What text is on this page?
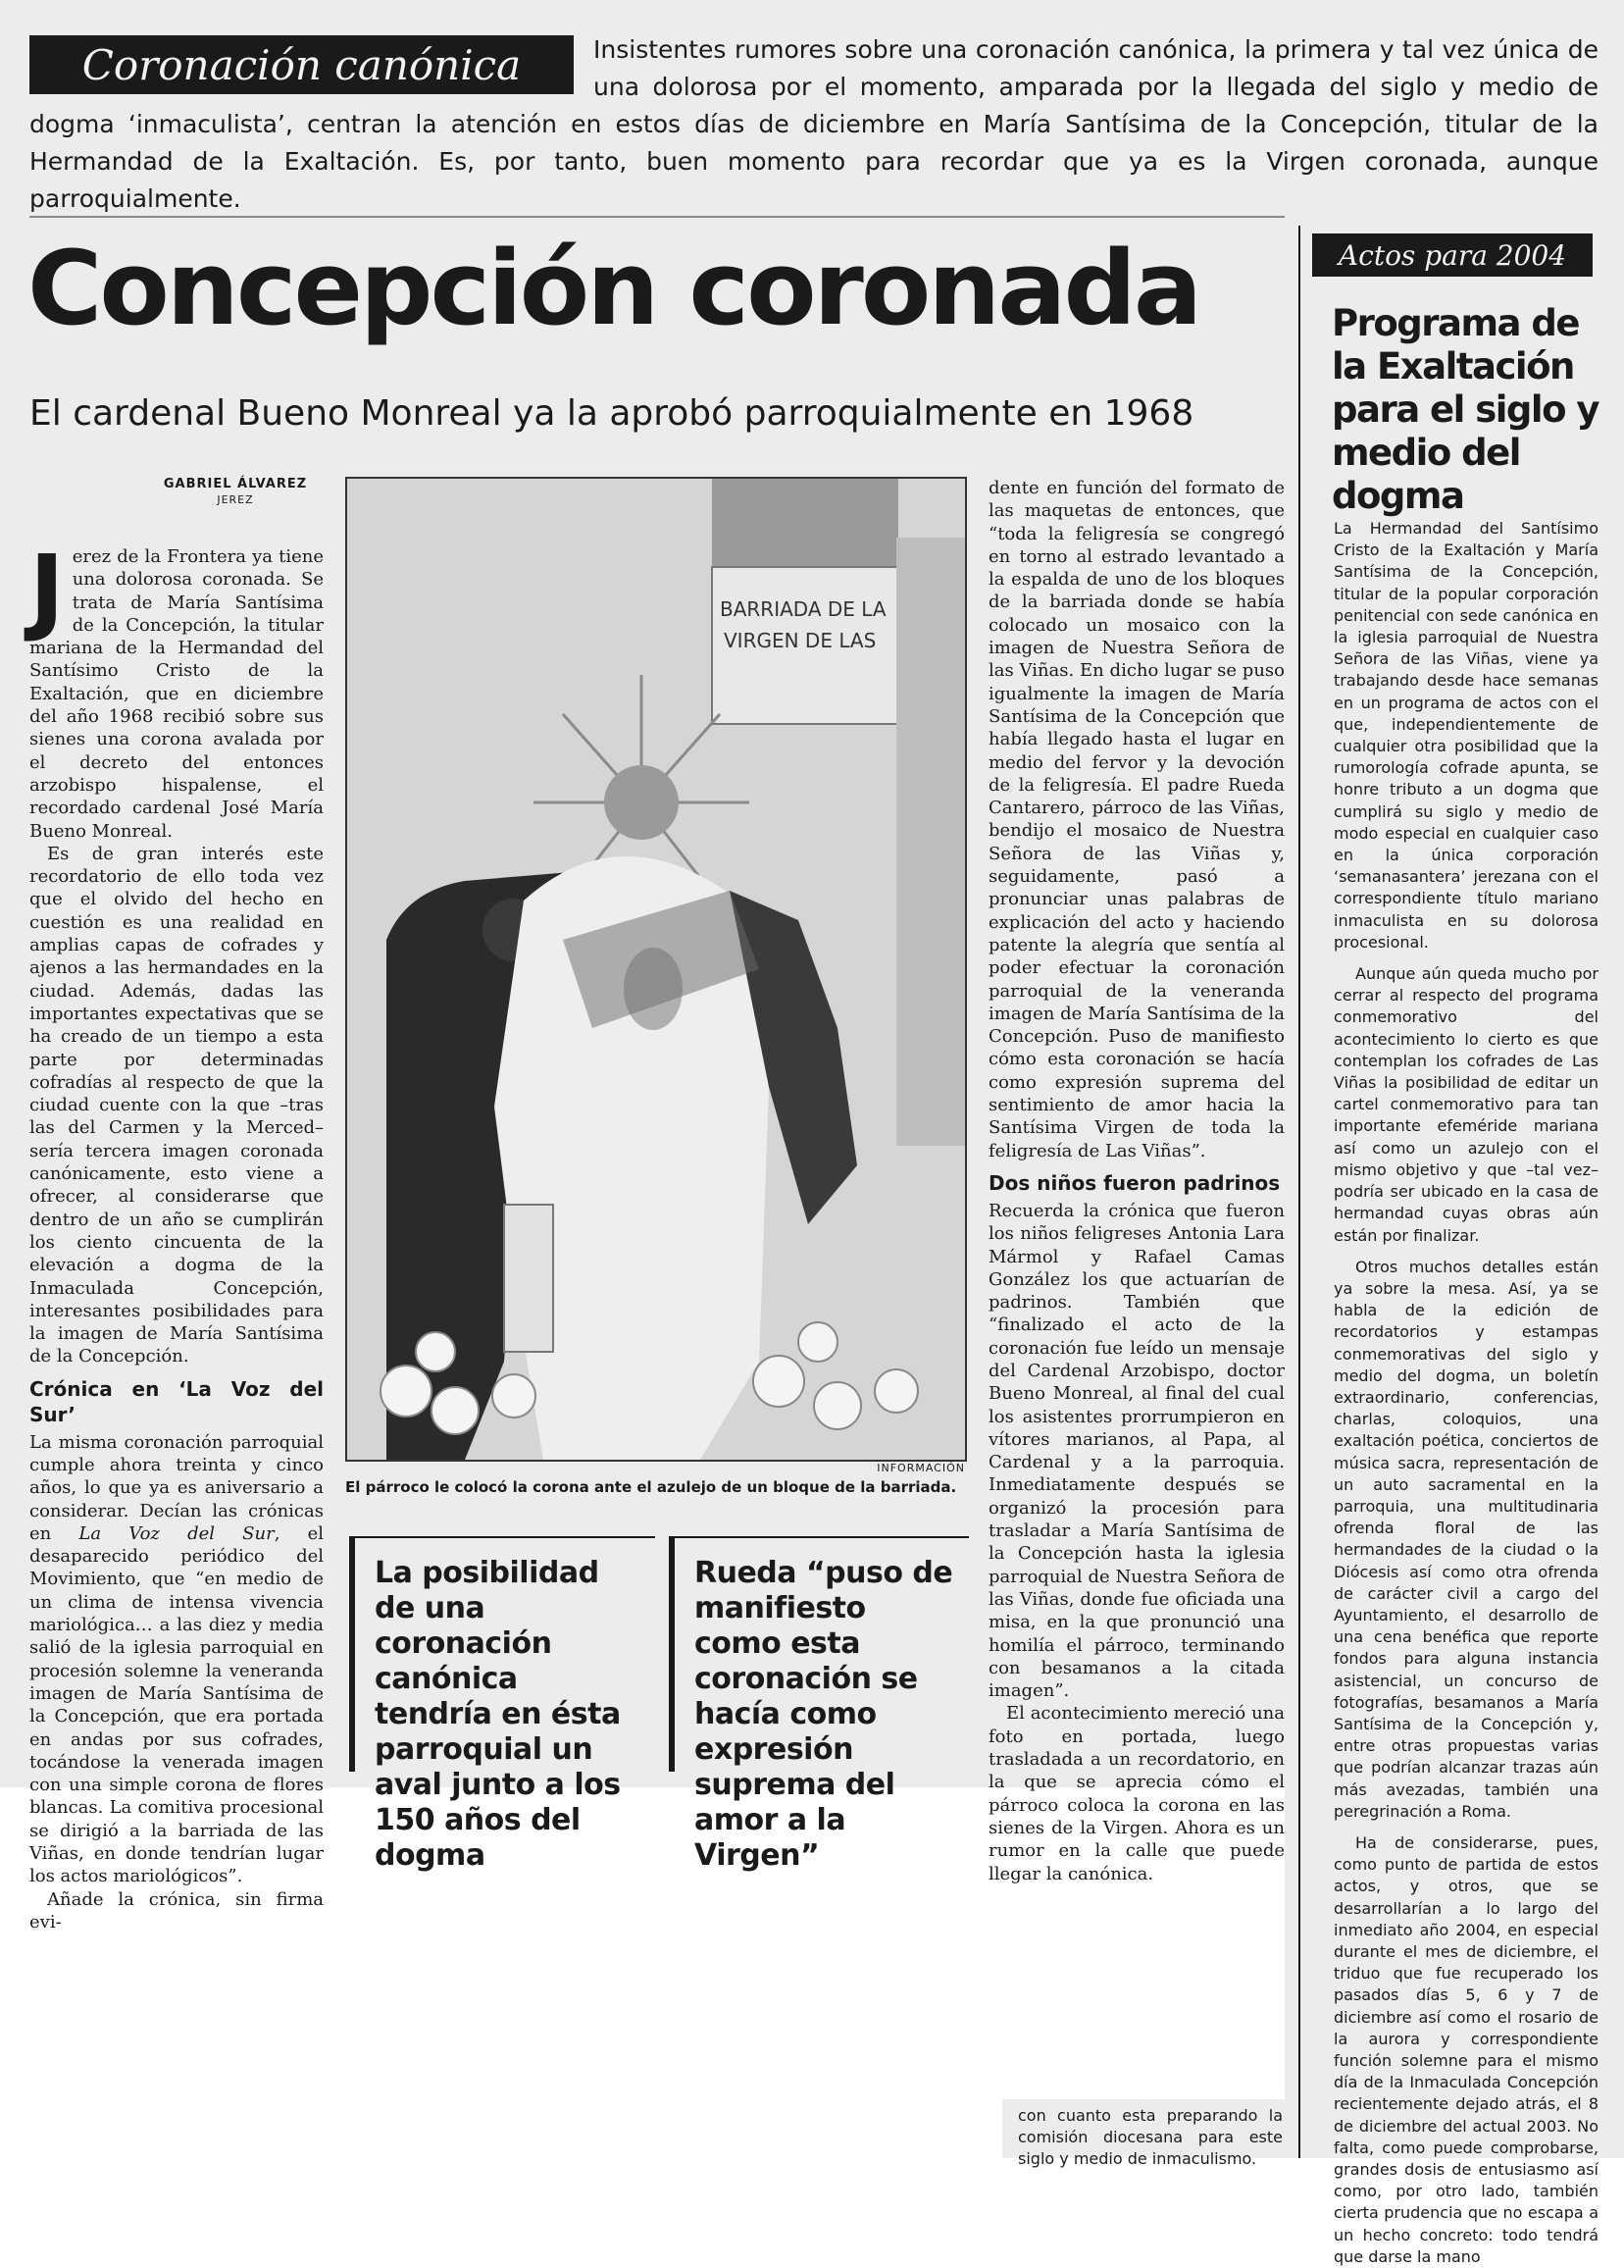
Insistentes rumores sobre una coronación canónica, la primera y tal vez única de una dolorosa por el momento, amparada por la llegada del siglo y medio de dogma ‘inmaculista’, centran la atención en estos días de diciembre en María Santísima de la Concepción, titular de la Hermandad de la Exaltación. Es, por tanto, buen momento para recordar que ya es la Virgen coronada, aunque parroquialmente.
Coronación canónica
Concepción coronada
El cardenal Bueno Monreal ya la aprobó parroquialmente en 1968
GABRIEL ÁLVAREZ
JEREZ

Jerez de la Frontera ya tiene una dolorosa coronada. Se trata de María Santísima de la Concepción, la titular mariana de la Hermandad del Santísimo Cristo de la Exaltación, que en diciembre del año 1968 recibió sobre sus sienes una corona avalada por el decreto del entonces arzobispo hispalense, el recordado cardenal José María Bueno Monreal.

Es de gran interés este recordatorio de ello toda vez que el olvido del hecho en cuestión es una realidad en amplias capas de cofrades y ajenos a las hermandades en la ciudad. Además, dadas las importantes expectativas que se ha creado de un tiempo a esta parte por determinadas cofradías al respecto de que la ciudad cuente con la que –tras las del Carmen y la Merced– sería tercera imagen coronada canónicamente, esto viene a ofrecer, al considerarse que dentro de un año se cumplirán los ciento cincuenta de la elevación a dogma de la Inmaculada Concepción, interesantes posibilidades para la imagen de María Santísima de la Concepción.

Crónica en ‘La Voz del Sur’

La misma coronación parroquial cumple ahora treinta y cinco años, lo que ya es aniversario a considerar. Decían las crónicas en La Voz del Sur, el desaparecido periódico del Movimiento, que “en medio de un clima de intensa vivencia mariológica… a las diez y media salió de la iglesia parroquial en procesión solemne la veneranda imagen de María Santísima de la Concepción, que era portada en andas por sus cofrades, tocándose la venerada imagen con una simple corona de flores blancas. La comitiva procesional se dirigió a la barriada de las Viñas, en donde tendrían lugar los actos mariológicos”.

Añade la crónica, sin firma evi-

BARRIADA DE LA
VIRGEN DE LAS
INFORMACIÓN
El párroco le colocó la corona ante el azulejo de un bloque de la barriada.

dente en función del formato de las maquetas de entonces, que “toda la feligresía se congregó en torno al estrado levantado a la espalda de uno de los bloques de la barriada donde se había colocado un mosaico con la imagen de Nuestra Señora de las Viñas. En dicho lugar se puso igualmente la imagen de María Santísima de la Concepción que había llegado hasta el lugar en medio del fervor y la devoción de la feligresía. El padre Rueda Cantarero, párroco de las Viñas, bendijo el mosaico de Nuestra Señora de las Viñas y, seguidamente, pasó a pronunciar unas palabras de explicación del acto y haciendo patente la alegría que sentía al poder efectuar la coronación parroquial de la veneranda imagen de María Santísima de la Concepción. Puso de manifiesto cómo esta coronación se hacía como expresión suprema del sentimiento de amor hacia la Santísima Virgen de toda la feligresía de Las Viñas”.

Dos niños fueron padrinos

Recuerda la crónica que fueron los niños feligreses Antonia Lara Mármol y Rafael Camas González los que actuarían de padrinos. También que “finalizado el acto de la coronación fue leído un mensaje del Cardenal Arzobispo, doctor Bueno Monreal, al final del cual los asistentes prorrumpieron en vítores marianos, al Papa, al Cardenal y a la parroquia. Inmediatamente después se organizó la procesión para trasladar a María Santísima de la Concepción hasta la iglesia parroquial de Nuestra Señora de las Viñas, donde fue oficiada una misa, en la que pronunció una homilía el párroco, terminando con besamanos a la citada imagen”.

El acontecimiento mereció una foto en portada, luego trasladada a un recordatorio, en la que se aprecia cómo el párroco coloca la corona en las sienes de la Virgen. Ahora es un rumor en la calle que puede llegar la canónica.

La posibilidad de una coronación canónica tendría en ésta parroquial un aval junto a los 150 años del dogma
Rueda “puso de manifiesto como esta coronación se hacía como expresión suprema del amor a la Virgen”
Actos para 2004
Programa de la Exaltación para el siglo y medio del dogma

La Hermandad del Santísimo Cristo de la Exaltación y María Santísima de la Concepción, titular de la popular corporación penitencial con sede canónica en la iglesia parroquial de Nuestra Señora de las Viñas, viene ya trabajando desde hace semanas en un programa de actos con el que, independientemente de cualquier otra posibilidad que la rumorología cofrade apunta, se honre tributo a un dogma que cumplirá su siglo y medio de modo especial en cualquier caso en la única corporación ‘semanasantera’ jerezana con el correspondiente título mariano inmaculista en su dolorosa procesional.

Aunque aún queda mucho por cerrar al respecto del programa conmemorativo del acontecimiento lo cierto es que contemplan los cofrades de Las Viñas la posibilidad de editar un cartel conmemorativo para tan importante efeméride mariana así como un azulejo con el mismo objetivo y que –tal vez– podría ser ubicado en la casa de hermandad cuyas obras aún están por finalizar.

Otros muchos detalles están ya sobre la mesa. Así, ya se habla de la edición de recordatorios y estampas conmemorativas del siglo y medio del dogma, un boletín extraordinario, conferencias, charlas, coloquios, una exaltación poética, conciertos de música sacra, representación de un auto sacramental en la parroquia, una multitudinaria ofrenda floral de las hermandades de la ciudad o la Diócesis así como otra ofrenda de carácter civil a cargo del Ayuntamiento, el desarrollo de una cena benéfica que reporte fondos para alguna instancia asistencial, un concurso de fotografías, besamanos a María Santísima de la Concepción y, entre otras propuestas varias que podrían alcanzar trazas aún más avezadas, también una peregrinación a Roma.

Ha de considerarse, pues, como punto de partida de estos actos, y otros, que se desarrollarían a lo largo del inmediato año 2004, en especial durante el mes de diciembre, el triduo que fue recuperado los pasados días 5, 6 y 7 de diciembre así como el rosario de la aurora y correspondiente función solemne para el mismo día de la Inmaculada Concepción recientemente dejado atrás, el 8 de diciembre del actual 2003. No falta, como puede comprobarse, grandes dosis de entusiasmo así como, por otro lado, también cierta prudencia que no escapa a un hecho concreto: todo tendrá que darse la mano

con cuanto esta preparando la comisión diocesana para este siglo y medio de inmaculismo.
